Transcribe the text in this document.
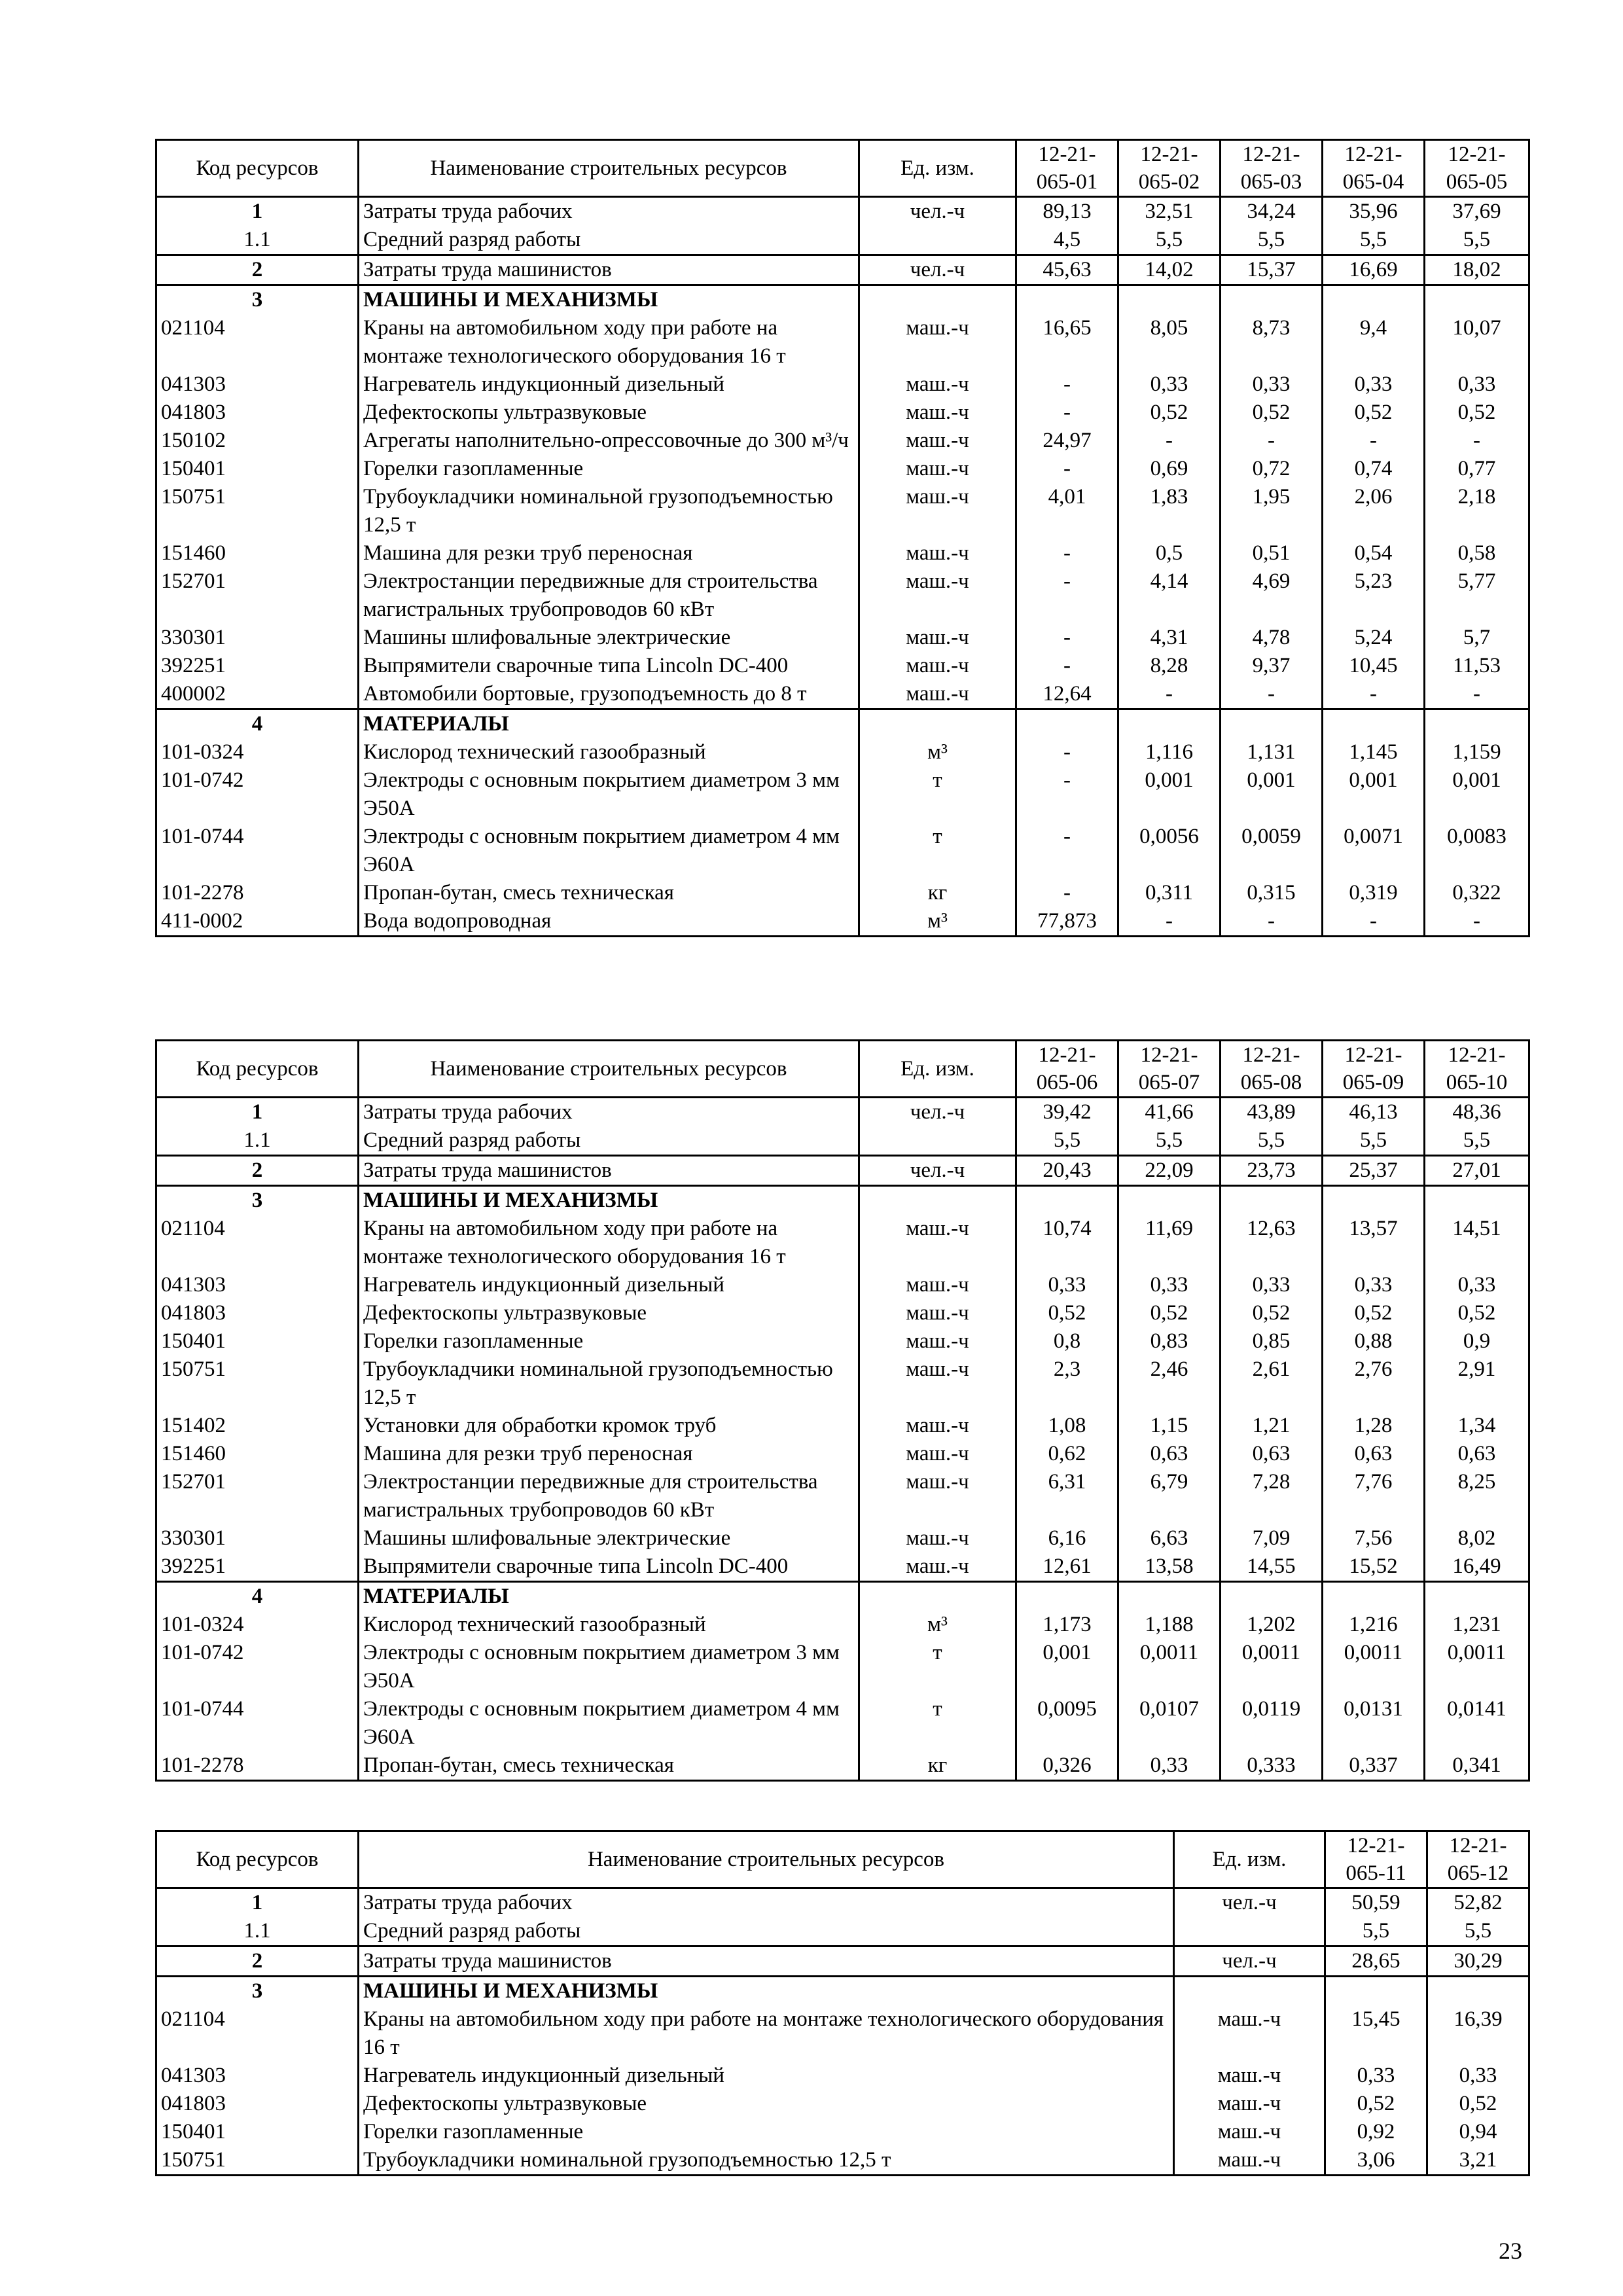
Код ресурсов	Наименование строительных ресурсов	Ед. изм.	12-21-065-01	12-21-065-02	12-21-065-03	12-21-065-04	12-21-065-05
1	Затраты труда рабочих	чел.-ч	89,13	32,51	34,24	35,96	37,69
1.1	Средний разряд работы		4,5	5,5	5,5	5,5	5,5
2	Затраты труда машинистов	чел.-ч	45,63	14,02	15,37	16,69	18,02
3	МАШИНЫ И МЕХАНИЗМЫ						
021104	Краны на автомобильном ходу при работе на монтаже технологического оборудования 16 т	маш.-ч	16,65	8,05	8,73	9,4	10,07
041303	Нагреватель индукционный дизельный	маш.-ч	-	0,33	0,33	0,33	0,33
041803	Дефектоскопы ультразвуковые	маш.-ч	-	0,52	0,52	0,52	0,52
150102	Агрегаты наполнительно-опрессовочные до 300 м³/ч	маш.-ч	24,97	-	-	-	-
150401	Горелки газопламенные	маш.-ч	-	0,69	0,72	0,74	0,77
150751	Трубоукладчики номинальной грузоподъемностью 12,5 т	маш.-ч	4,01	1,83	1,95	2,06	2,18
151460	Машина для резки труб переносная	маш.-ч	-	0,5	0,51	0,54	0,58
152701	Электростанции передвижные для строительства магистральных трубопроводов 60 кВт	маш.-ч	-	4,14	4,69	5,23	5,77
330301	Машины шлифовальные электрические	маш.-ч	-	4,31	4,78	5,24	5,7
392251	Выпрямители сварочные типа Lincoln DC-400	маш.-ч	-	8,28	9,37	10,45	11,53
400002	Автомобили бортовые, грузоподъемность до 8 т	маш.-ч	12,64	-	-	-	-
4	МАТЕРИАЛЫ						
101-0324	Кислород технический газообразный	м³	-	1,116	1,131	1,145	1,159
101-0742	Электроды с основным покрытием диаметром 3 мм Э50А	т	-	0,001	0,001	0,001	0,001
101-0744	Электроды с основным покрытием диаметром 4 мм Э60А	т	-	0,0056	0,0059	0,0071	0,0083
101-2278	Пропан-бутан, смесь техническая	кг	-	0,311	0,315	0,319	0,322
411-0002	Вода водопроводная	м³	77,873	-	-	-	-
Код ресурсов	Наименование строительных ресурсов	Ед. изм.	12-21-065-06	12-21-065-07	12-21-065-08	12-21-065-09	12-21-065-10
1	Затраты труда рабочих	чел.-ч	39,42	41,66	43,89	46,13	48,36
1.1	Средний разряд работы		5,5	5,5	5,5	5,5	5,5
2	Затраты труда машинистов	чел.-ч	20,43	22,09	23,73	25,37	27,01
3	МАШИНЫ И МЕХАНИЗМЫ						
021104	Краны на автомобильном ходу при работе на монтаже технологического оборудования 16 т	маш.-ч	10,74	11,69	12,63	13,57	14,51
041303	Нагреватель индукционный дизельный	маш.-ч	0,33	0,33	0,33	0,33	0,33
041803	Дефектоскопы ультразвуковые	маш.-ч	0,52	0,52	0,52	0,52	0,52
150401	Горелки газопламенные	маш.-ч	0,8	0,83	0,85	0,88	0,9
150751	Трубоукладчики номинальной грузоподъемностью 12,5 т	маш.-ч	2,3	2,46	2,61	2,76	2,91
151402	Установки для обработки кромок труб	маш.-ч	1,08	1,15	1,21	1,28	1,34
151460	Машина для резки труб переносная	маш.-ч	0,62	0,63	0,63	0,63	0,63
152701	Электростанции передвижные для строительства магистральных трубопроводов 60 кВт	маш.-ч	6,31	6,79	7,28	7,76	8,25
330301	Машины шлифовальные электрические	маш.-ч	6,16	6,63	7,09	7,56	8,02
392251	Выпрямители сварочные типа Lincoln DC-400	маш.-ч	12,61	13,58	14,55	15,52	16,49
4	МАТЕРИАЛЫ						
101-0324	Кислород технический газообразный	м³	1,173	1,188	1,202	1,216	1,231
101-0742	Электроды с основным покрытием диаметром 3 мм Э50А	т	0,001	0,0011	0,0011	0,0011	0,0011
101-0744	Электроды с основным покрытием диаметром 4 мм Э60А	т	0,0095	0,0107	0,0119	0,0131	0,0141
101-2278	Пропан-бутан, смесь техническая	кг	0,326	0,33	0,333	0,337	0,341
Код ресурсов	Наименование строительных ресурсов	Ед. изм.	12-21-065-11	12-21-065-12
1	Затраты труда рабочих	чел.-ч	50,59	52,82
1.1	Средний разряд работы		5,5	5,5
2	Затраты труда машинистов	чел.-ч	28,65	30,29
3	МАШИНЫ И МЕХАНИЗМЫ			
021104	Краны на автомобильном ходу при работе на монтаже технологического оборудования 16 т	маш.-ч	15,45	16,39
041303	Нагреватель индукционный дизельный	маш.-ч	0,33	0,33
041803	Дефектоскопы ультразвуковые	маш.-ч	0,52	0,52
150401	Горелки газопламенные	маш.-ч	0,92	0,94
150751	Трубоукладчики номинальной грузоподъемностью 12,5 т	маш.-ч	3,06	3,21
23
